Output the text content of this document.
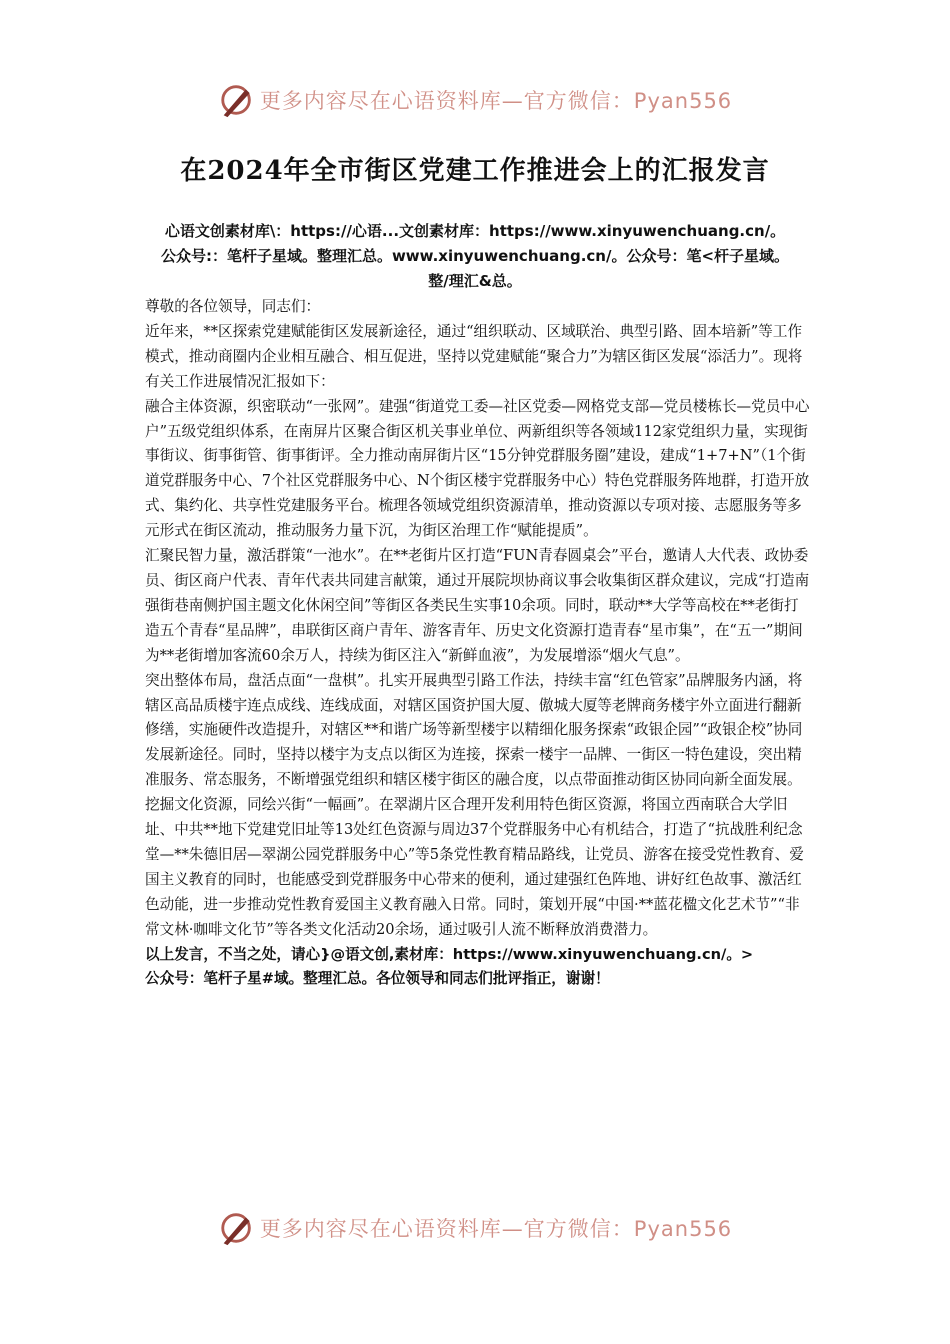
更多内容尽在心语资料库—官方微信：Pyan556
在2024年全市街区党建工作推进会上的汇报发言
心语文创素材库\：https://心语...文创素材库：https://www.xinyuwenchuang.cn/。
公众号:：笔杆子星域。整理汇总。www.xinyuwenchuang.cn/。公众号：笔<杆子星域。
整/理汇&总。

尊敬的各位领导，同志们：

近年来，**区探索党建赋能街区发展新途径，通过“组织联动、区域联治、典型引路、固本培新”等工作模式，推动商圈内企业相互融合、相互促进，坚持以党建赋能“聚合力”为辖区街区发展“添活力”。现将有关工作进展情况汇报如下：

融合主体资源，织密联动“一张网”。建强“街道党工委—社区党委—网格党支部—党员楼栋长—党员中心户”五级党组织体系，在南屏片区聚合街区机关事业单位、两新组织等各领域112家党组织力量，实现街事街议、街事街管、街事街评。全力推动南屏街片区“15分钟党群服务圈”建设，建成“1+7+N”（1个街道党群服务中心、7个社区党群服务中心、N个街区楼宇党群服务中心）特色党群服务阵地群，打造开放式、集约化、共享性党建服务平台。梳理各领域党组织资源清单，推动资源以专项对接、志愿服务等多元形式在街区流动，推动服务力量下沉，为街区治理工作“赋能提质”。

汇聚民智力量，激活群策“一池水”。在**老街片区打造“FUN青春圆桌会”平台，邀请人大代表、政协委员、街区商户代表、青年代表共同建言献策，通过开展院坝协商议事会收集街区群众建议，完成“打造南强街巷南侧护国主题文化休闲空间”等街区各类民生实事10余项。同时，联动**大学等高校在**老街打造五个青春“星品牌”，串联街区商户青年、游客青年、历史文化资源打造青春“星市集”，在“五一”期间为**老街增加客流60余万人，持续为街区注入“新鲜血液”，为发展增添“烟火气息”。

突出整体布局，盘活点面“一盘棋”。扎实开展典型引路工作法，持续丰富“红色管家”品牌服务内涵，将辖区高品质楼宇连点成线、连线成面，对辖区国资护国大厦、傲城大厦等老牌商务楼宇外立面进行翻新修缮，实施硬件改造提升，对辖区**和谐广场等新型楼宇以精细化服务探索“政银企园”“政银企校”协同发展新途径。同时，坚持以楼宇为支点以街区为连接，探索一楼宇一品牌、一街区一特色建设，突出精准服务、常态服务，不断增强党组织和辖区楼宇街区的融合度，以点带面推动街区协同向新全面发展。

挖掘文化资源，同绘兴街“一幅画”。在翠湖片区合理开发利用特色街区资源，将国立西南联合大学旧址、中共**地下党建党旧址等13处红色资源与周边37个党群服务中心有机结合，打造了“抗战胜利纪念堂—**朱德旧居—翠湖公园党群服务中心”等5条党性教育精品路线，让党员、游客在接受党性教育、爱国主义教育的同时，也能感受到党群服务中心带来的便利，通过建强红色阵地、讲好红色故事、激活红色动能，进一步推动党性教育爱国主义教育融入日常。同时，策划开展“中国·**蓝花楹文化艺术节”“非常文林·咖啡文化节”等各类文化活动20余场，通过吸引人流不断释放消费潜力。

以上发言，不当之处，请心}@语文创,素材库：https://www.xinyuwenchuang.cn/。>

公众号：笔杆子星#域。整理汇总。各位领导和同志们批评指正，谢谢！

更多内容尽在心语资料库—官方微信：Pyan556
